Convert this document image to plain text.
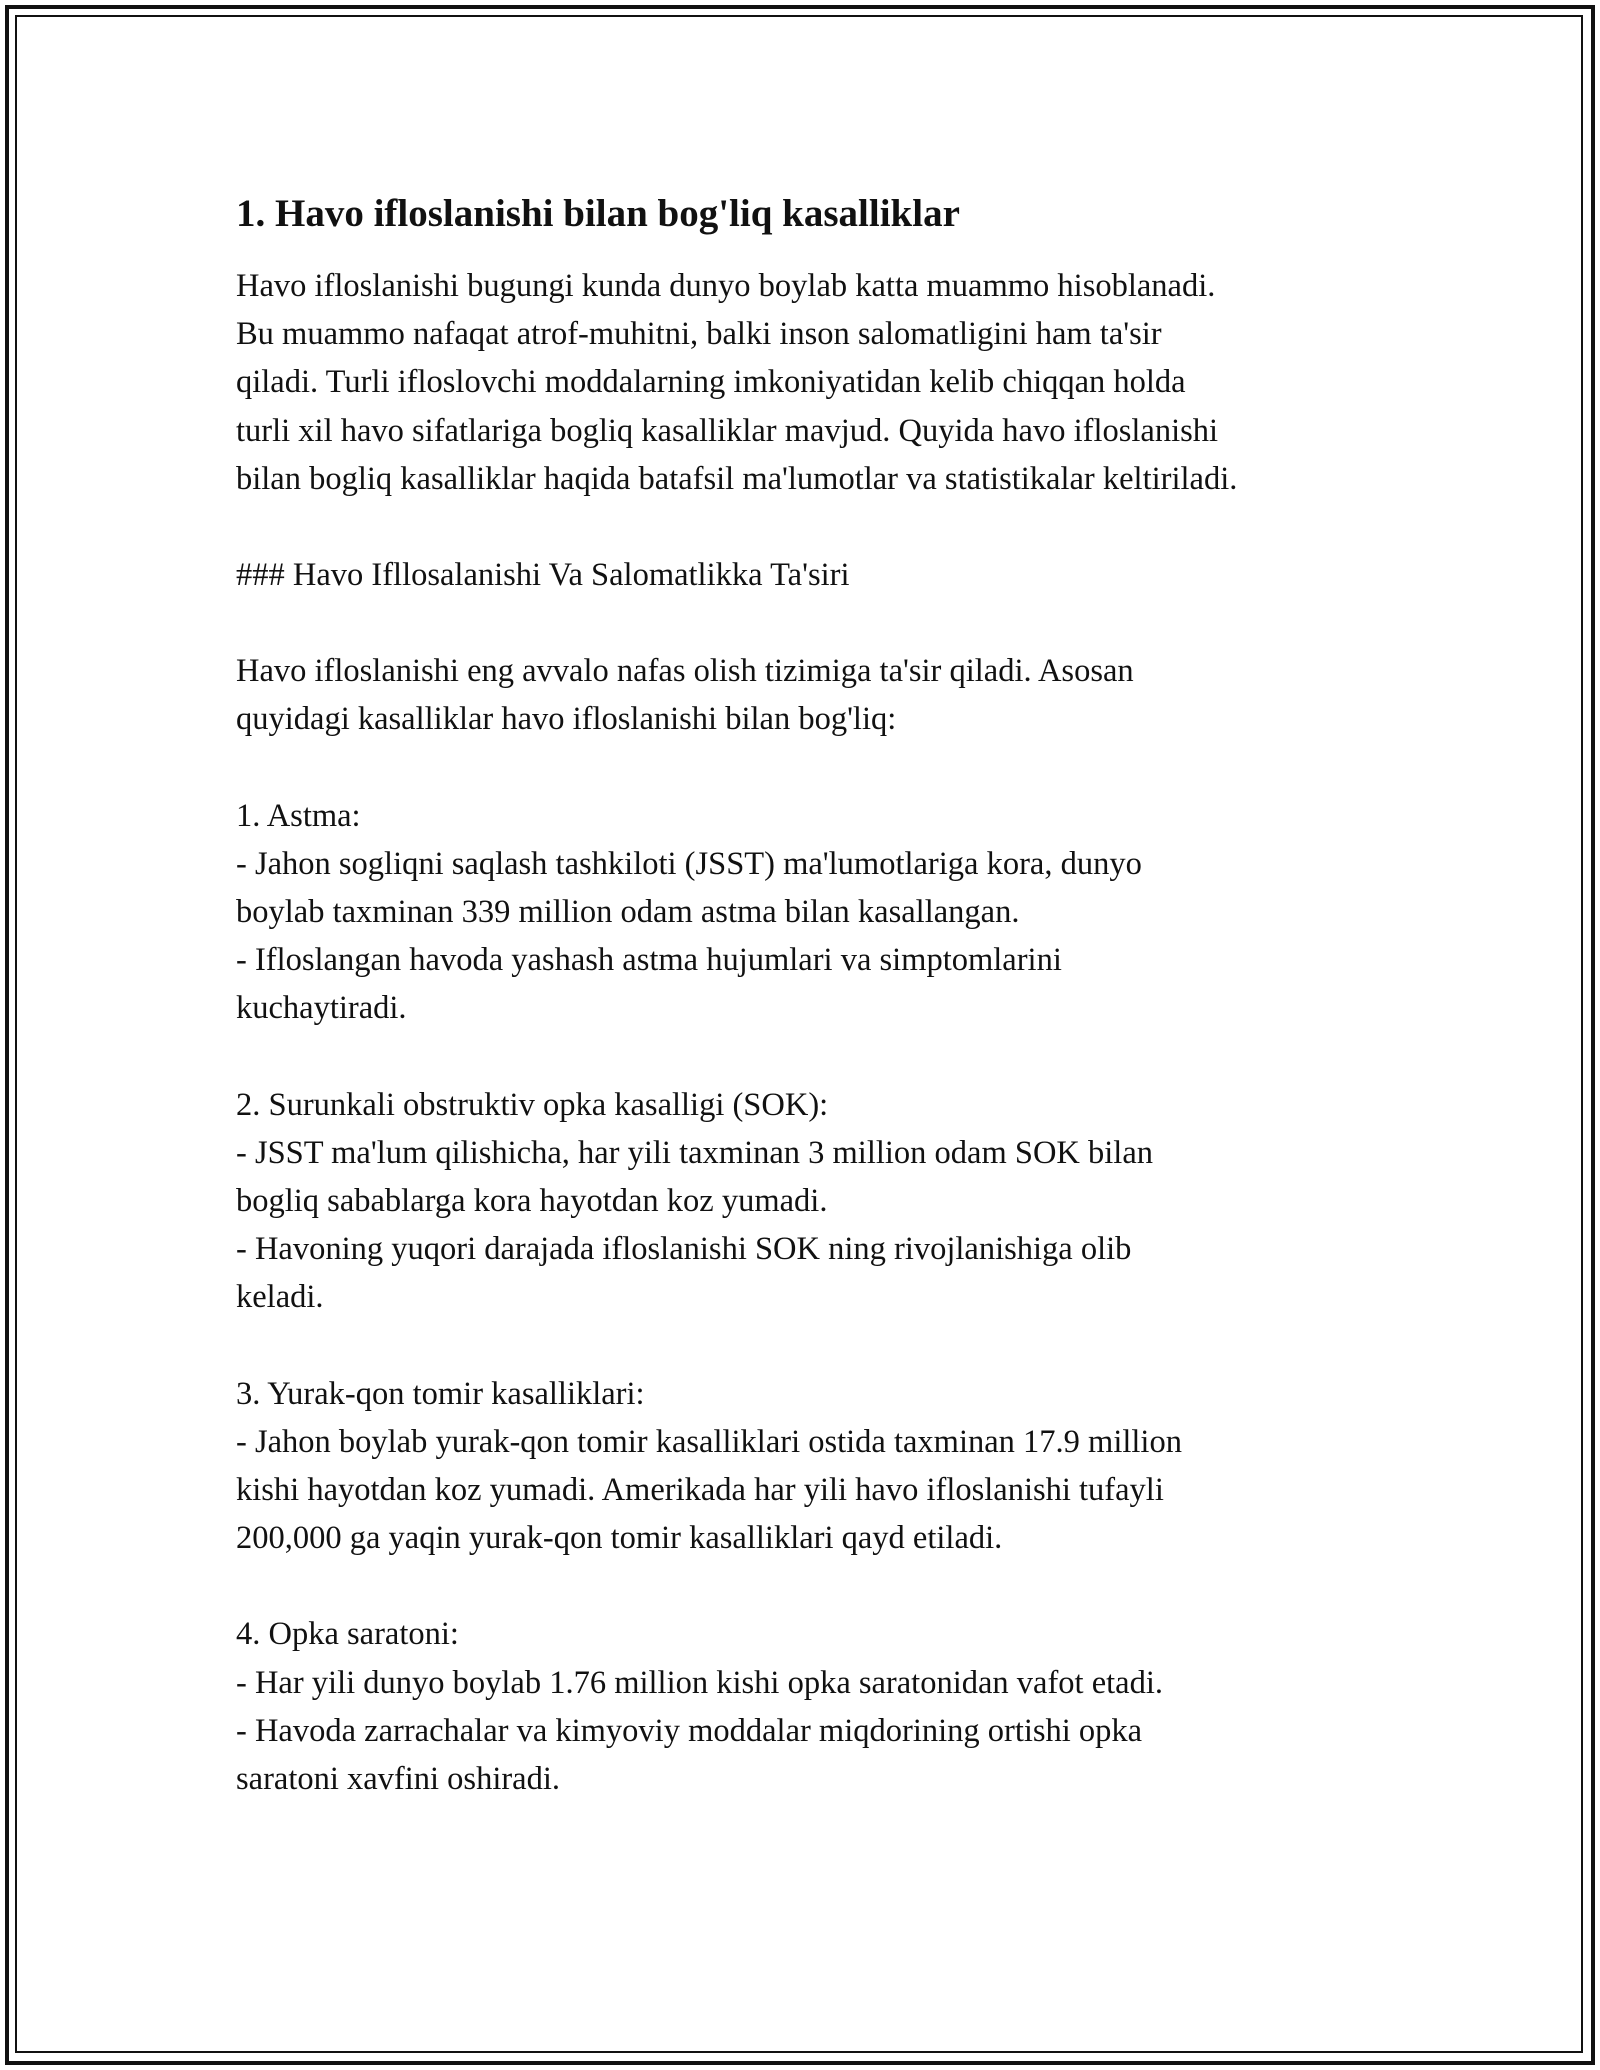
1. Havo ifloslanishi bilan bog'liq kasalliklar

Havo ifloslanishi bugungi kunda dunyo boylab katta muammo hisoblanadi.
Bu muammo nafaqat atrof-muhitni, balki inson salomatligini ham ta'sir
qiladi. Turli ifloslovchi moddalarning imkoniyatidan kelib chiqqan holda
turli xil havo sifatlariga bogliq kasalliklar mavjud. Quyida havo ifloslanishi
bilan bogliq kasalliklar haqida batafsil ma'lumotlar va statistikalar keltiriladi.

### Havo Ifllosalanishi Va Salomatlikka Ta'siri

Havo ifloslanishi eng avvalo nafas olish tizimiga ta'sir qiladi. Asosan
quyidagi kasalliklar havo ifloslanishi bilan bog'liq:

1. Astma:
- Jahon sogliqni saqlash tashkiloti (JSST) ma'lumotlariga kora, dunyo
boylab taxminan 339 million odam astma bilan kasallangan.
- Ifloslangan havoda yashash astma hujumlari va simptomlarini
kuchaytiradi.

2. Surunkali obstruktiv opka kasalligi (SOK):
- JSST ma'lum qilishicha, har yili taxminan 3 million odam SOK bilan
bogliq sabablarga kora hayotdan koz yumadi.
- Havoning yuqori darajada ifloslanishi SOK ning rivojlanishiga olib
keladi.

3. Yurak-qon tomir kasalliklari:
- Jahon boylab yurak-qon tomir kasalliklari ostida taxminan 17.9 million
kishi hayotdan koz yumadi. Amerikada har yili havo ifloslanishi tufayli
200,000 ga yaqin yurak-qon tomir kasalliklari qayd etiladi.

4. Opka saratoni:
- Har yili dunyo boylab 1.76 million kishi opka saratonidan vafot etadi.
- Havoda zarrachalar va kimyoviy moddalar miqdorining ortishi opka
saratoni xavfini oshiradi.
